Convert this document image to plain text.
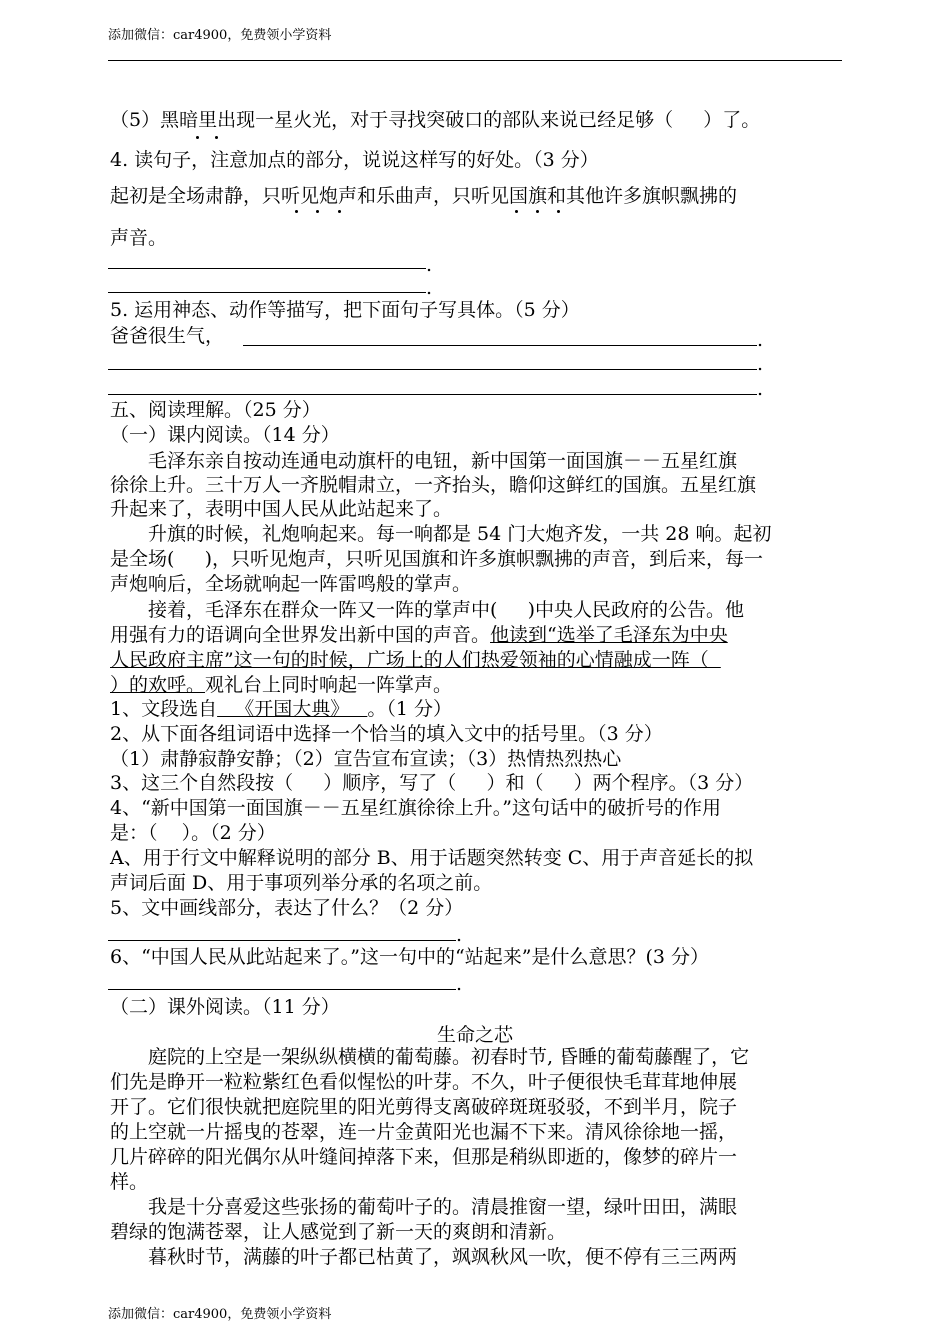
添加微信：car4900，免费领小学资料
（5）黑暗里出现一星火光，对于寻找突破口的部队来说已经足够（     ）了。
4. 读句子，注意加点的部分，说说这样写的好处。（3 分）
起初是全场肃静，只听见炮声和乐曲声，只听见国旗和其他许多旗帜飘拂的
声音。
.
.
5. 运用神态、动作等描写，把下面句子写具体。（5 分）
爸爸很生气，	.
.
.
五、阅读理解。（25 分）
（一）课内阅读。（14 分）
毛泽东亲自按动连通电动旗杆的电钮，新中国第一面国旗－－五星红旗
徐徐上升。三十万人一齐脱帽肃立，一齐抬头，瞻仰这鲜红的国旗。五星红旗
升起来了，表明中国人民从此站起来了。
升旗的时候，礼炮响起来。每一响都是 54 门大炮齐发，一共 28 响。起初
是全场(     )，只听见炮声，只听见国旗和许多旗帜飘拂的声音，到后来，每一
声炮响后，全场就响起一阵雷鸣般的掌声。
接着，毛泽东在群众一阵又一阵的掌声中(     )中央人民政府的公告。他
用强有力的语调向全世界发出新中国的声音。他读到“选举了毛泽东为中央
人民政府主席”这一句的时候，广场上的人们热爱领袖的心情融成一阵（
）的欢呼。观礼台上同时响起一阵掌声。
1、文段选自   《开国大典》   。（1 分）
2、从下面各组词语中选择一个恰当的填入文中的括号里。（3 分）
（1）肃静寂静安静；（2）宣告宣布宣读；（3）热情热烈热心
3、这三个自然段按（     ）顺序，写了（     ）和（     ）两个程序。（3 分）
4、“新中国第一面国旗－－五星红旗徐徐上升。”这句话中的破折号的作用
是：（    ）。（2 分）
A、用于行文中解释说明的部分 B、用于话题突然转变 C、用于声音延长的拟
声词后面 D、用于事项列举分承的名项之前。
5、文中画线部分，表达了什么？（2 分）
.
6、“中国人民从此站起来了。”这一句中的“站起来”是什么意思？(3 分）
.
（二）课外阅读。（11 分）
生命之芯
庭院的上空是一架纵纵横横的葡萄藤。初春时节, 昏睡的葡萄藤醒了，它
们先是睁开一粒粒紫红色看似惺忪的叶芽。不久，叶子便很快毛茸茸地伸展
开了。它们很快就把庭院里的阳光剪得支离破碎斑斑驳驳，不到半月，院子
的上空就一片摇曳的苍翠，连一片金黄阳光也漏不下来。清风徐徐地一摇，
几片碎碎的阳光偶尔从叶缝间掉落下来，但那是稍纵即逝的，像梦的碎片一
样。
我是十分喜爱这些张扬的葡萄叶子的。清晨推窗一望，绿叶田田，满眼
碧绿的饱满苍翠，让人感觉到了新一天的爽朗和清新。
暮秋时节，满藤的叶子都已枯黄了，飒飒秋风一吹，便不停有三三两两
添加微信：car4900，免费领小学资料
